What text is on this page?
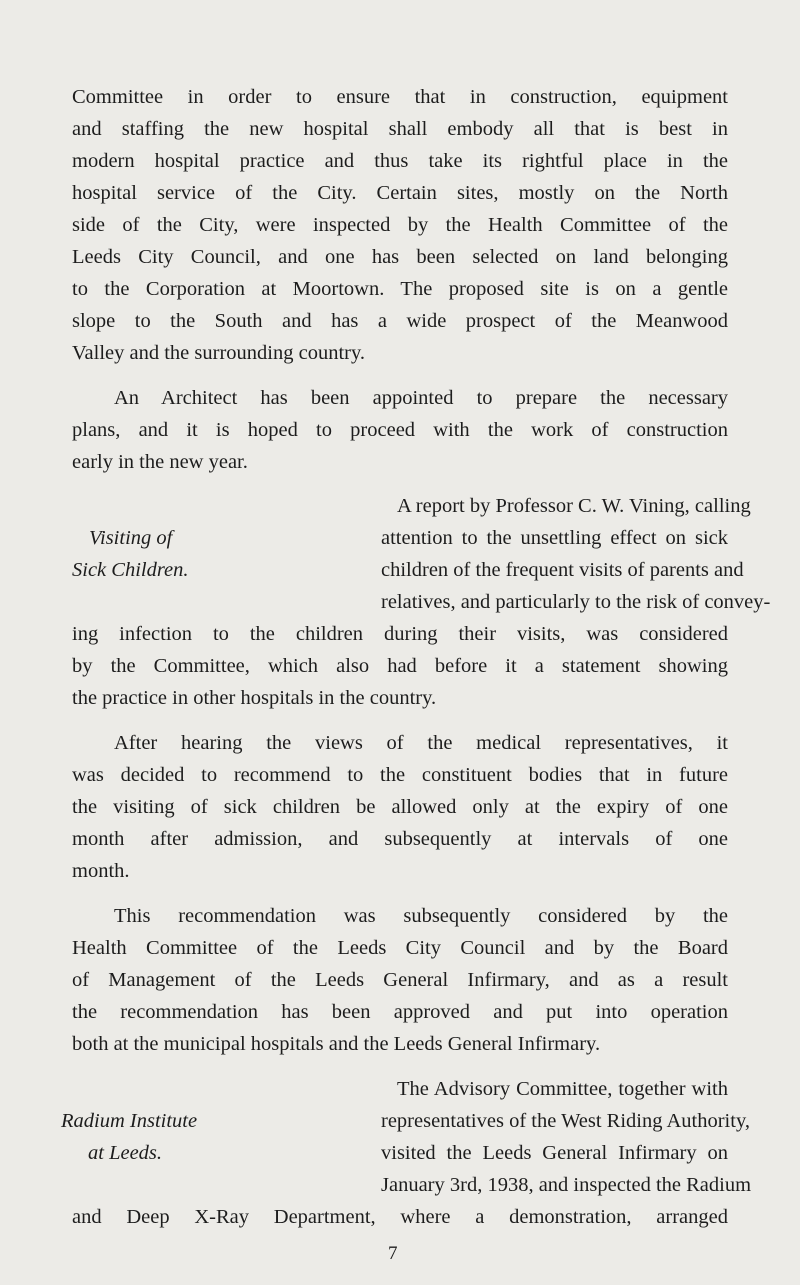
Committee in order to ensure that in construction, equipment
and staffing the new hospital shall embody all that is best in
modern hospital practice and thus take its rightful place in the
hospital service of the City. Certain sites, mostly on the North
side of the City, were inspected by the Health Committee of the
Leeds City Council, and one has been selected on land belonging
to the Corporation at Moortown. The proposed site is on a gentle
slope to the South and has a wide prospect of the Meanwood
Valley and the surrounding country.
An Architect has been appointed to prepare the necessary
plans, and it is hoped to proceed with the work of construction
early in the new year.
Visiting of
Sick Children.
A report by Professor C. W. Vining, calling
attention to the unsettling effect on sick
children of the frequent visits of parents and
relatives, and particularly to the risk of convey-
ing infection to the children during their visits, was considered
by the Committee, which also had before it a statement showing
the practice in other hospitals in the country.
After hearing the views of the medical representatives, it
was decided to recommend to the constituent bodies that in future
the visiting of sick children be allowed only at the expiry of one
month after admission, and subsequently at intervals of one
month.
This recommendation was subsequently considered by the
Health Committee of the Leeds City Council and by the Board
of Management of the Leeds General Infirmary, and as a result
the recommendation has been approved and put into operation
both at the municipal hospitals and the Leeds General Infirmary.
Radium Institute
at Leeds.
The Advisory Committee, together with
representatives of the West Riding Authority,
visited the Leeds General Infirmary on
January 3rd, 1938, and inspected the Radium
and Deep X-Ray Department, where a demonstration, arranged
7
